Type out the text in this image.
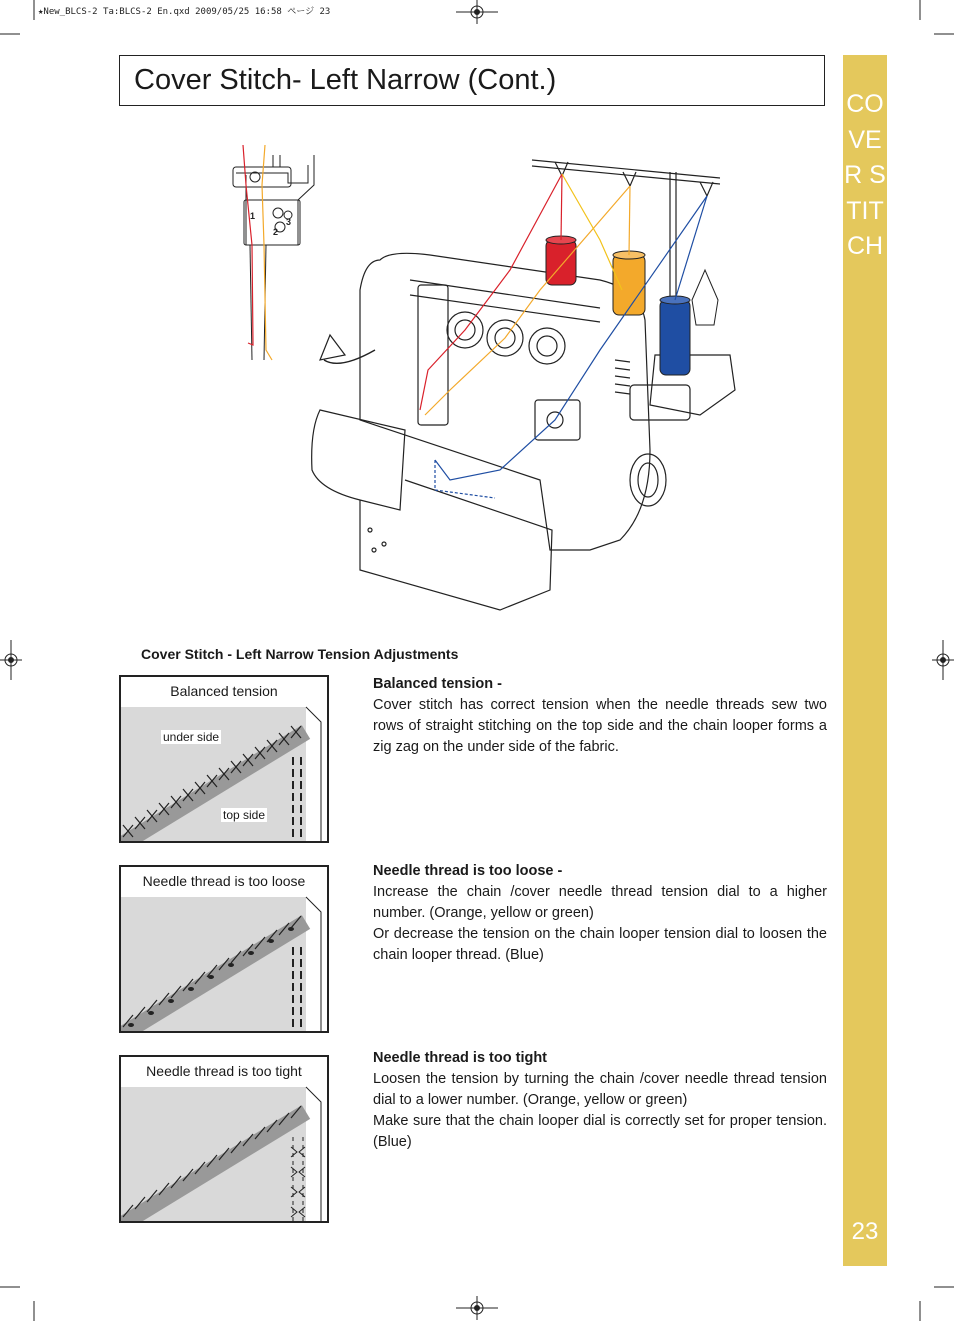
★New_BLCS-2 Ta:BLCS-2 En.qxd 2009/05/25 16:58 ページ 23
Cover Stitch- Left Narrow (Cont.)
COVER STITCH
23
1
2
3
Cover Stitch - Left Narrow Tension Adjustments
Balanced tension
under side
top side
Needle thread is too loose
Needle thread is too tight
Balanced tension -

Cover stitch has correct tension when the needle threads sew two rows of straight stitching on the top side and the chain looper forms a zig zag on the under side of the fabric.

Needle thread is too loose -

Increase the chain /cover needle thread tension dial to a higher number. (Orange, yellow or green)

Or decrease the tension on the chain looper tension dial to loosen the chain looper thread. (Blue)

Needle thread is too tight

Loosen the tension by turning the chain /cover needle thread tension dial to a lower number. (Orange, yellow or green)

Make sure that the chain looper dial is correctly set for proper tension. (Blue)
